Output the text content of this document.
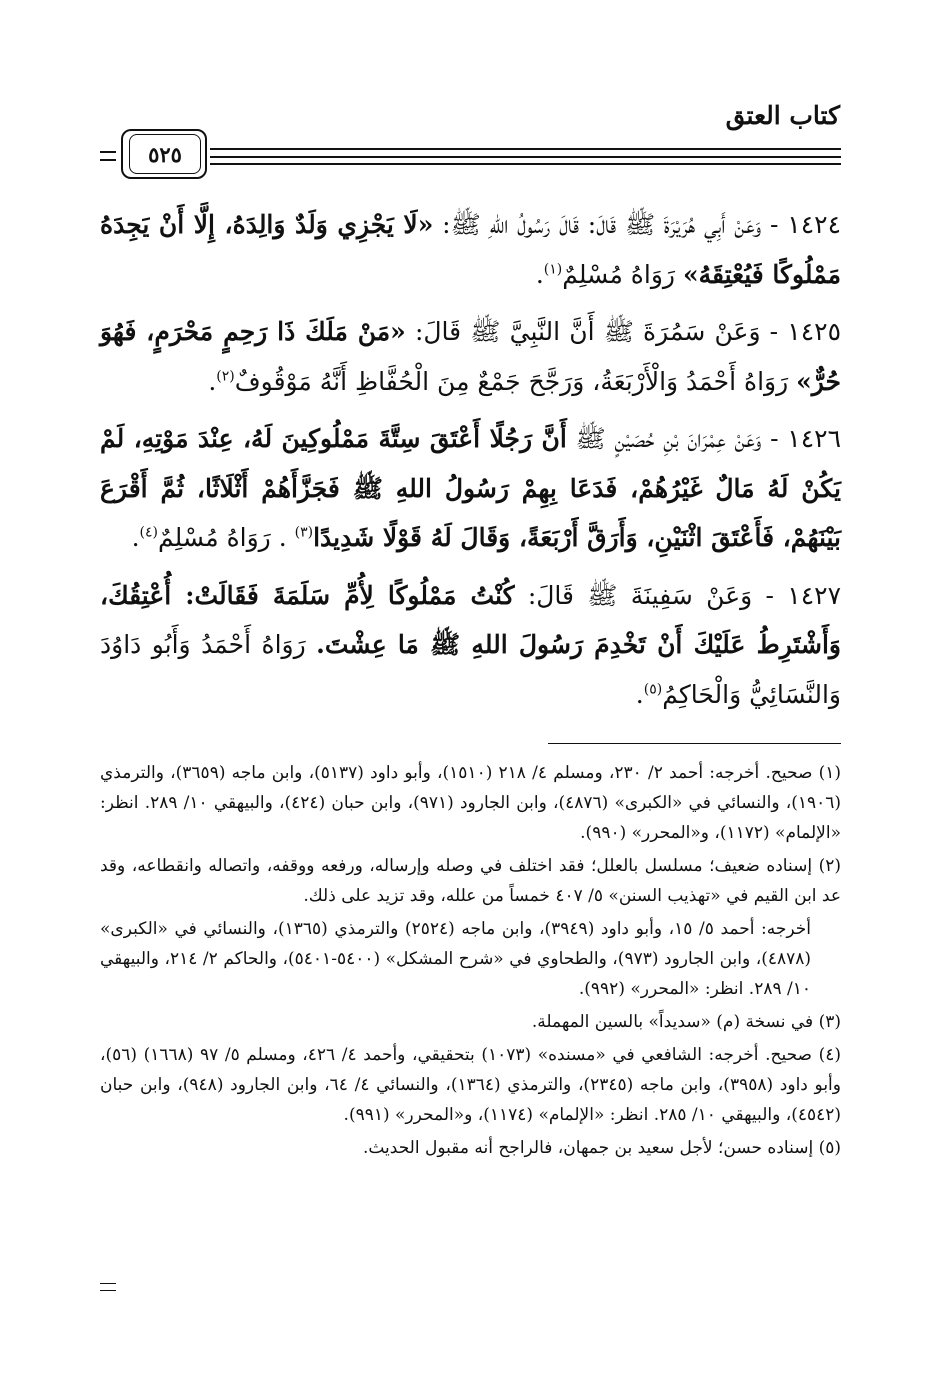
كتاب العتق
٥٢٥

١٤٢٤ - وَعَنْ أَبِي هُرَيْرَةَ ﷺ قَالَ: قَالَ رَسُولُ اللهِ ﷺ: «لَا يَجْزِي وَلَدٌ وَالِدَهُ، إِلَّا أَنْ يَجِدَهُ مَمْلُوكًا فَيُعْتِقَهُ» رَوَاهُ مُسْلِمٌ$^{(١)}$.

١٤٢٥ - وَعَنْ سَمُرَةَ ﷺ أَنَّ النَّبِيَّ ﷺ قَالَ: «مَنْ مَلَكَ ذَا رَحِمٍ مَحْرَمٍ، فَهُوَ حُرٌّ» رَوَاهُ أَحْمَدُ وَالْأَرْبَعَةُ، وَرَجَّحَ جَمْعٌ مِنَ الْحُفَّاظِ أَنَّهُ مَوْقُوفٌ$^{(٢)}$.

١٤٢٦ - وَعَنْ عِمْرَانَ بْنِ حُصَيْنٍ ﷺ أَنَّ رَجُلًا أَعْتَقَ سِتَّةَ مَمْلُوكِينَ لَهُ، عِنْدَ مَوْتِهِ، لَمْ يَكُنْ لَهُ مَالٌ غَيْرُهُمْ، فَدَعَا بِهِمْ رَسُولُ اللهِ ﷺ فَجَزَّأَهُمْ أَثْلَاثًا، ثُمَّ أَقْرَعَ بَيْنَهُمْ، فَأَعْتَقَ اثْنَيْنِ، وَأَرَقَّ أَرْبَعَةً، وَقَالَ لَهُ قَوْلًا شَدِيدًا$^{(٣)}$ . رَوَاهُ مُسْلِمٌ$^{(٤)}$.

١٤٢٧ - وَعَنْ سَفِينَةَ ﷺ قَالَ: كُنْتُ مَمْلُوكًا لِأُمِّ سَلَمَةَ فَقَالَتْ: أُعْتِقُكَ، وَأَشْتَرِطُ عَلَيْكَ أَنْ تَخْدِمَ رَسُولَ اللهِ ﷺ مَا عِشْتَ. رَوَاهُ أَحْمَدُ وَأَبُو دَاوُدَ وَالنَّسَائِيُّ وَالْحَاكِمُ$^{(٥)}$.

(١) صحيح. أخرجه: أحمد ٢/ ٢٣٠، ومسلم ٤/ ٢١٨ (١٥١٠)، وأبو داود (٥١٣٧)، وابن ماجه (٣٦٥٩)، والترمذي (١٩٠٦)، والنسائي في «الكبرى» (٤٨٧٦)، وابن الجارود (٩٧١)، وابن حبان (٤٢٤)، والبيهقي ١٠/ ٢٨٩. انظر: «الإلمام» (١١٧٢)، و«المحرر» (٩٩٠).

(٢) إسناده ضعيف؛ مسلسل بالعلل؛ فقد اختلف في وصله وإرساله، ورفعه ووقفه، واتصاله وانقطاعه، وقد عد ابن القيم في «تهذيب السنن» ٥/ ٤٠٧ خمساً من علله، وقد تزيد على ذلك.

أخرجه: أحمد ٥/ ١٥، وأبو داود (٣٩٤٩)، وابن ماجه (٢٥٢٤) والترمذي (١٣٦٥)، والنسائي في «الكبرى» (٤٨٧٨)، وابن الجارود (٩٧٣)، والطحاوي في «شرح المشكل» (٥٤٠٠-٥٤٠١)، والحاكم ٢/ ٢١٤، والبيهقي ١٠/ ٢٨٩. انظر: «المحرر» (٩٩٢).

(٣) في نسخة (م) «سديداً» بالسين المهملة.

(٤) صحيح. أخرجه: الشافعي في «مسنده» (١٠٧٣) بتحقيقي، وأحمد ٤/ ٤٢٦، ومسلم ٥/ ٩٧ (١٦٦٨) (٥٦)، وأبو داود (٣٩٥٨)، وابن ماجه (٢٣٤٥)، والترمذي (١٣٦٤)، والنسائي ٤/ ٦٤، وابن الجارود (٩٤٨)، وابن حبان (٤٥٤٢)، والبيهقي ١٠/ ٢٨٥. انظر: «الإلمام» (١١٧٤)، و«المحرر» (٩٩١).

(٥) إسناده حسن؛ لأجل سعيد بن جمهان، فالراجح أنه مقبول الحديث.
